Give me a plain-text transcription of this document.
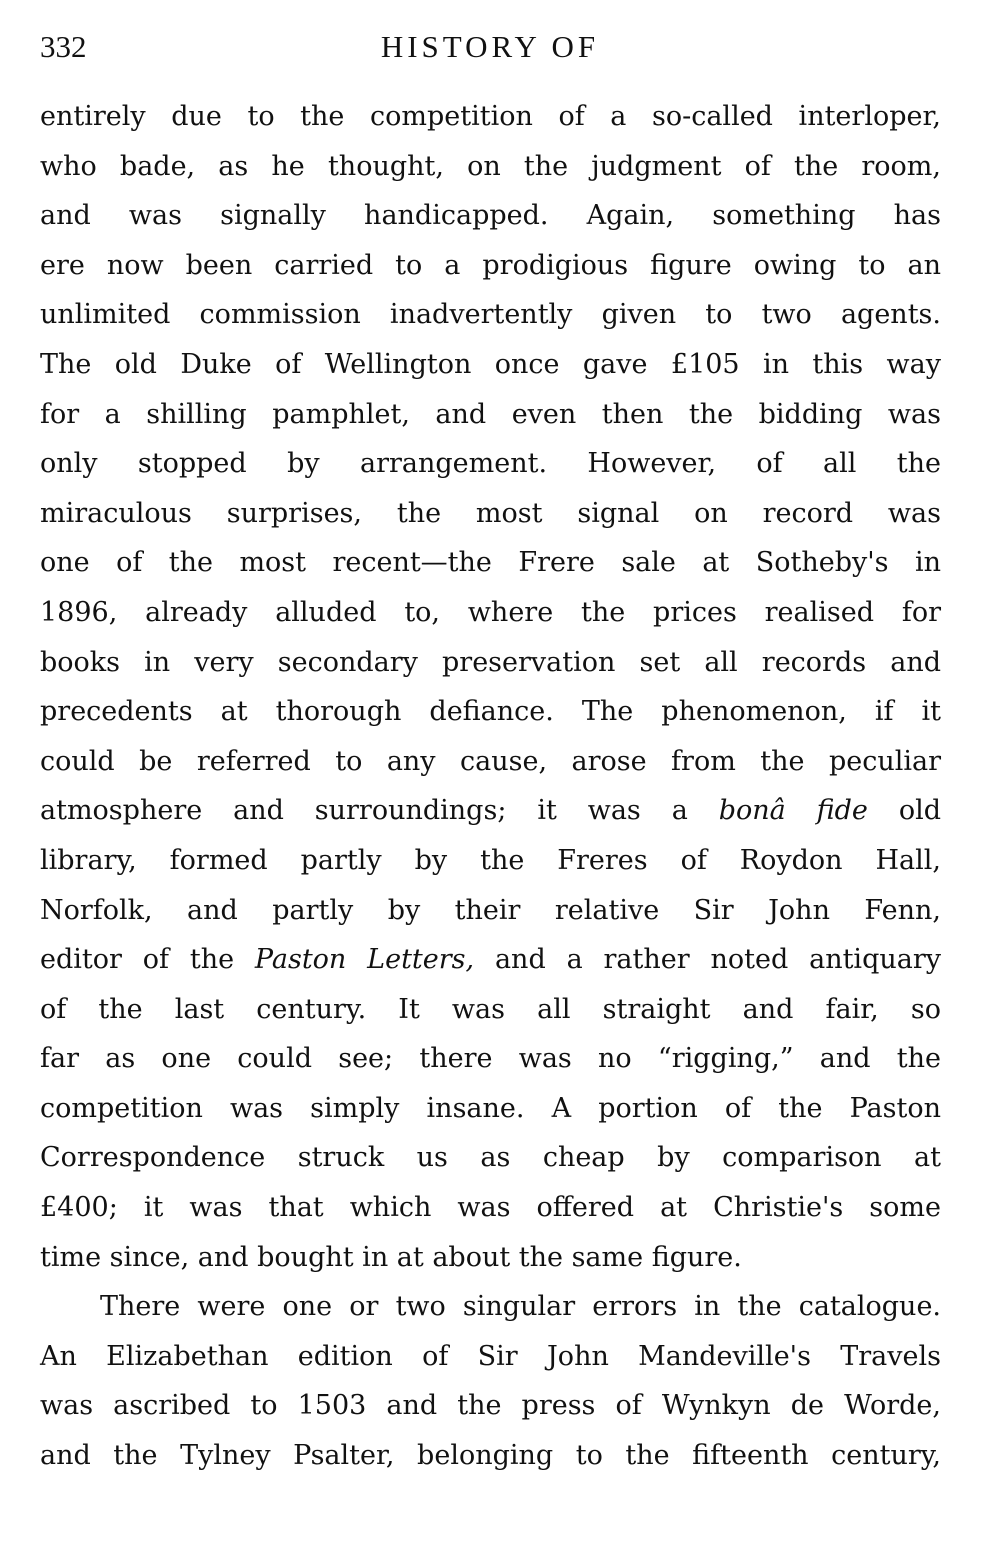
332	HISTORY OF
entirely due to the competition of a so-called interloper,
who bade, as he thought, on the judgment of the room,
and was signally handicapped. Again, something has
ere now been carried to a prodigious figure owing to an
unlimited commission inadvertently given to two agents.
The old Duke of Wellington once gave £105 in this way
for a shilling pamphlet, and even then the bidding was
only stopped by arrangement. However, of all the
miraculous surprises, the most signal on record was
one of the most recent—the Frere sale at Sotheby's in
1896, already alluded to, where the prices realised for
books in very secondary preservation set all records and
precedents at thorough defiance. The phenomenon, if it
could be referred to any cause, arose from the peculiar
atmosphere and surroundings; it was a bonâ fide old
library, formed partly by the Freres of Roydon Hall,
Norfolk, and partly by their relative Sir John Fenn,
editor of the Paston Letters, and a rather noted antiquary
of the last century. It was all straight and fair, so
far as one could see; there was no “rigging,” and the
competition was simply insane. A portion of the Paston
Correspondence struck us as cheap by comparison at
£400; it was that which was offered at Christie's some
time since, and bought in at about the same figure.
There were one or two singular errors in the catalogue.
An Elizabethan edition of Sir John Mandeville's Travels
was ascribed to 1503 and the press of Wynkyn de Worde,
and the Tylney Psalter, belonging to the fifteenth century,
